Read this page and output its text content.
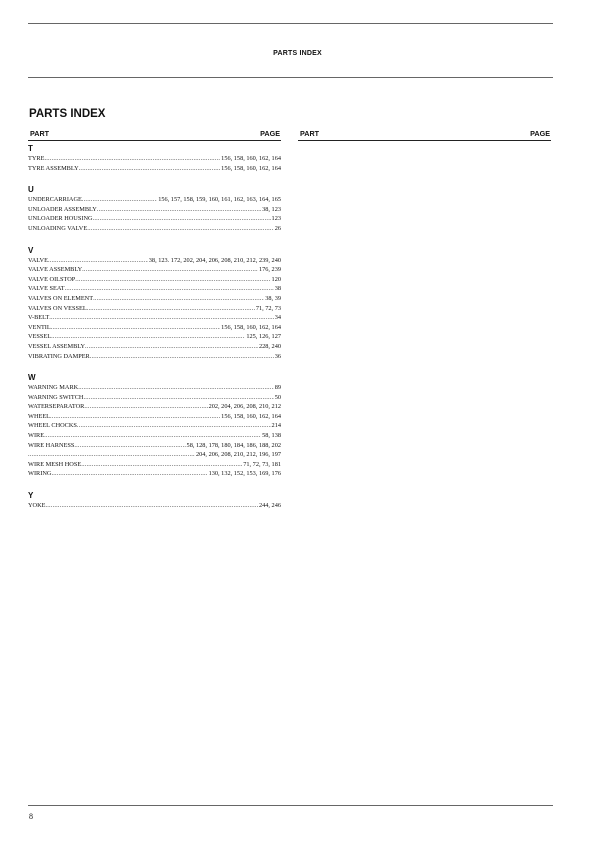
PARTS INDEX
PARTS INDEX
PART	PAGE
T
TYRE .....	156, 158, 160, 162, 164
TYRE ASSEMBLY .....	156, 158, 160, 162, 164
U
UNDERCARRIAGE .....	156, 157, 158, 159, 160, 161, 162, 163, 164, 165
UNLOADER ASSEMBLY .....	38, 123
UNLOADER HOUSING .....	123
UNLOADING VALVE .....	26
V
VALVE .....	38, 123. 172, 202, 204, 206, 208, 210, 212, 239, 240
VALVE ASSEMBLY .....	176, 239
VALVE OILSTOP .....	120
VALVE SEAT .....	38
VALVES ON ELEMENT .....	38, 39
VALVES ON VESSEL .....	71, 72, 73
V-BELT .....	34
VENTIL .....	156, 158, 160, 162, 164
VESSEL .....	125, 126, 127
VESSEL ASSEMBLY .....	228, 240
VIBRATING DAMPER .....	36
W
WARNING MARK .....	89
WARNING SWITCH .....	50
WATERSEPARATOR .....	202, 204, 206, 208, 210, 212
WHEEL .....	156, 158, 160, 162, 164
WHEEL CHOCKS .....	214
WIRE .....	58, 138
WIRE HARNESS .....	58, 128, 178, 180, 184, 186, 188, 202
.....
204, 206, 208, 210, 212, 196, 197
WIRE MESH HOSE .....	71, 72, 73, 181
WIRING .....	130, 132, 152, 153, 169, 176
Y
YOKE .....	244, 246
PART	PAGE
8
